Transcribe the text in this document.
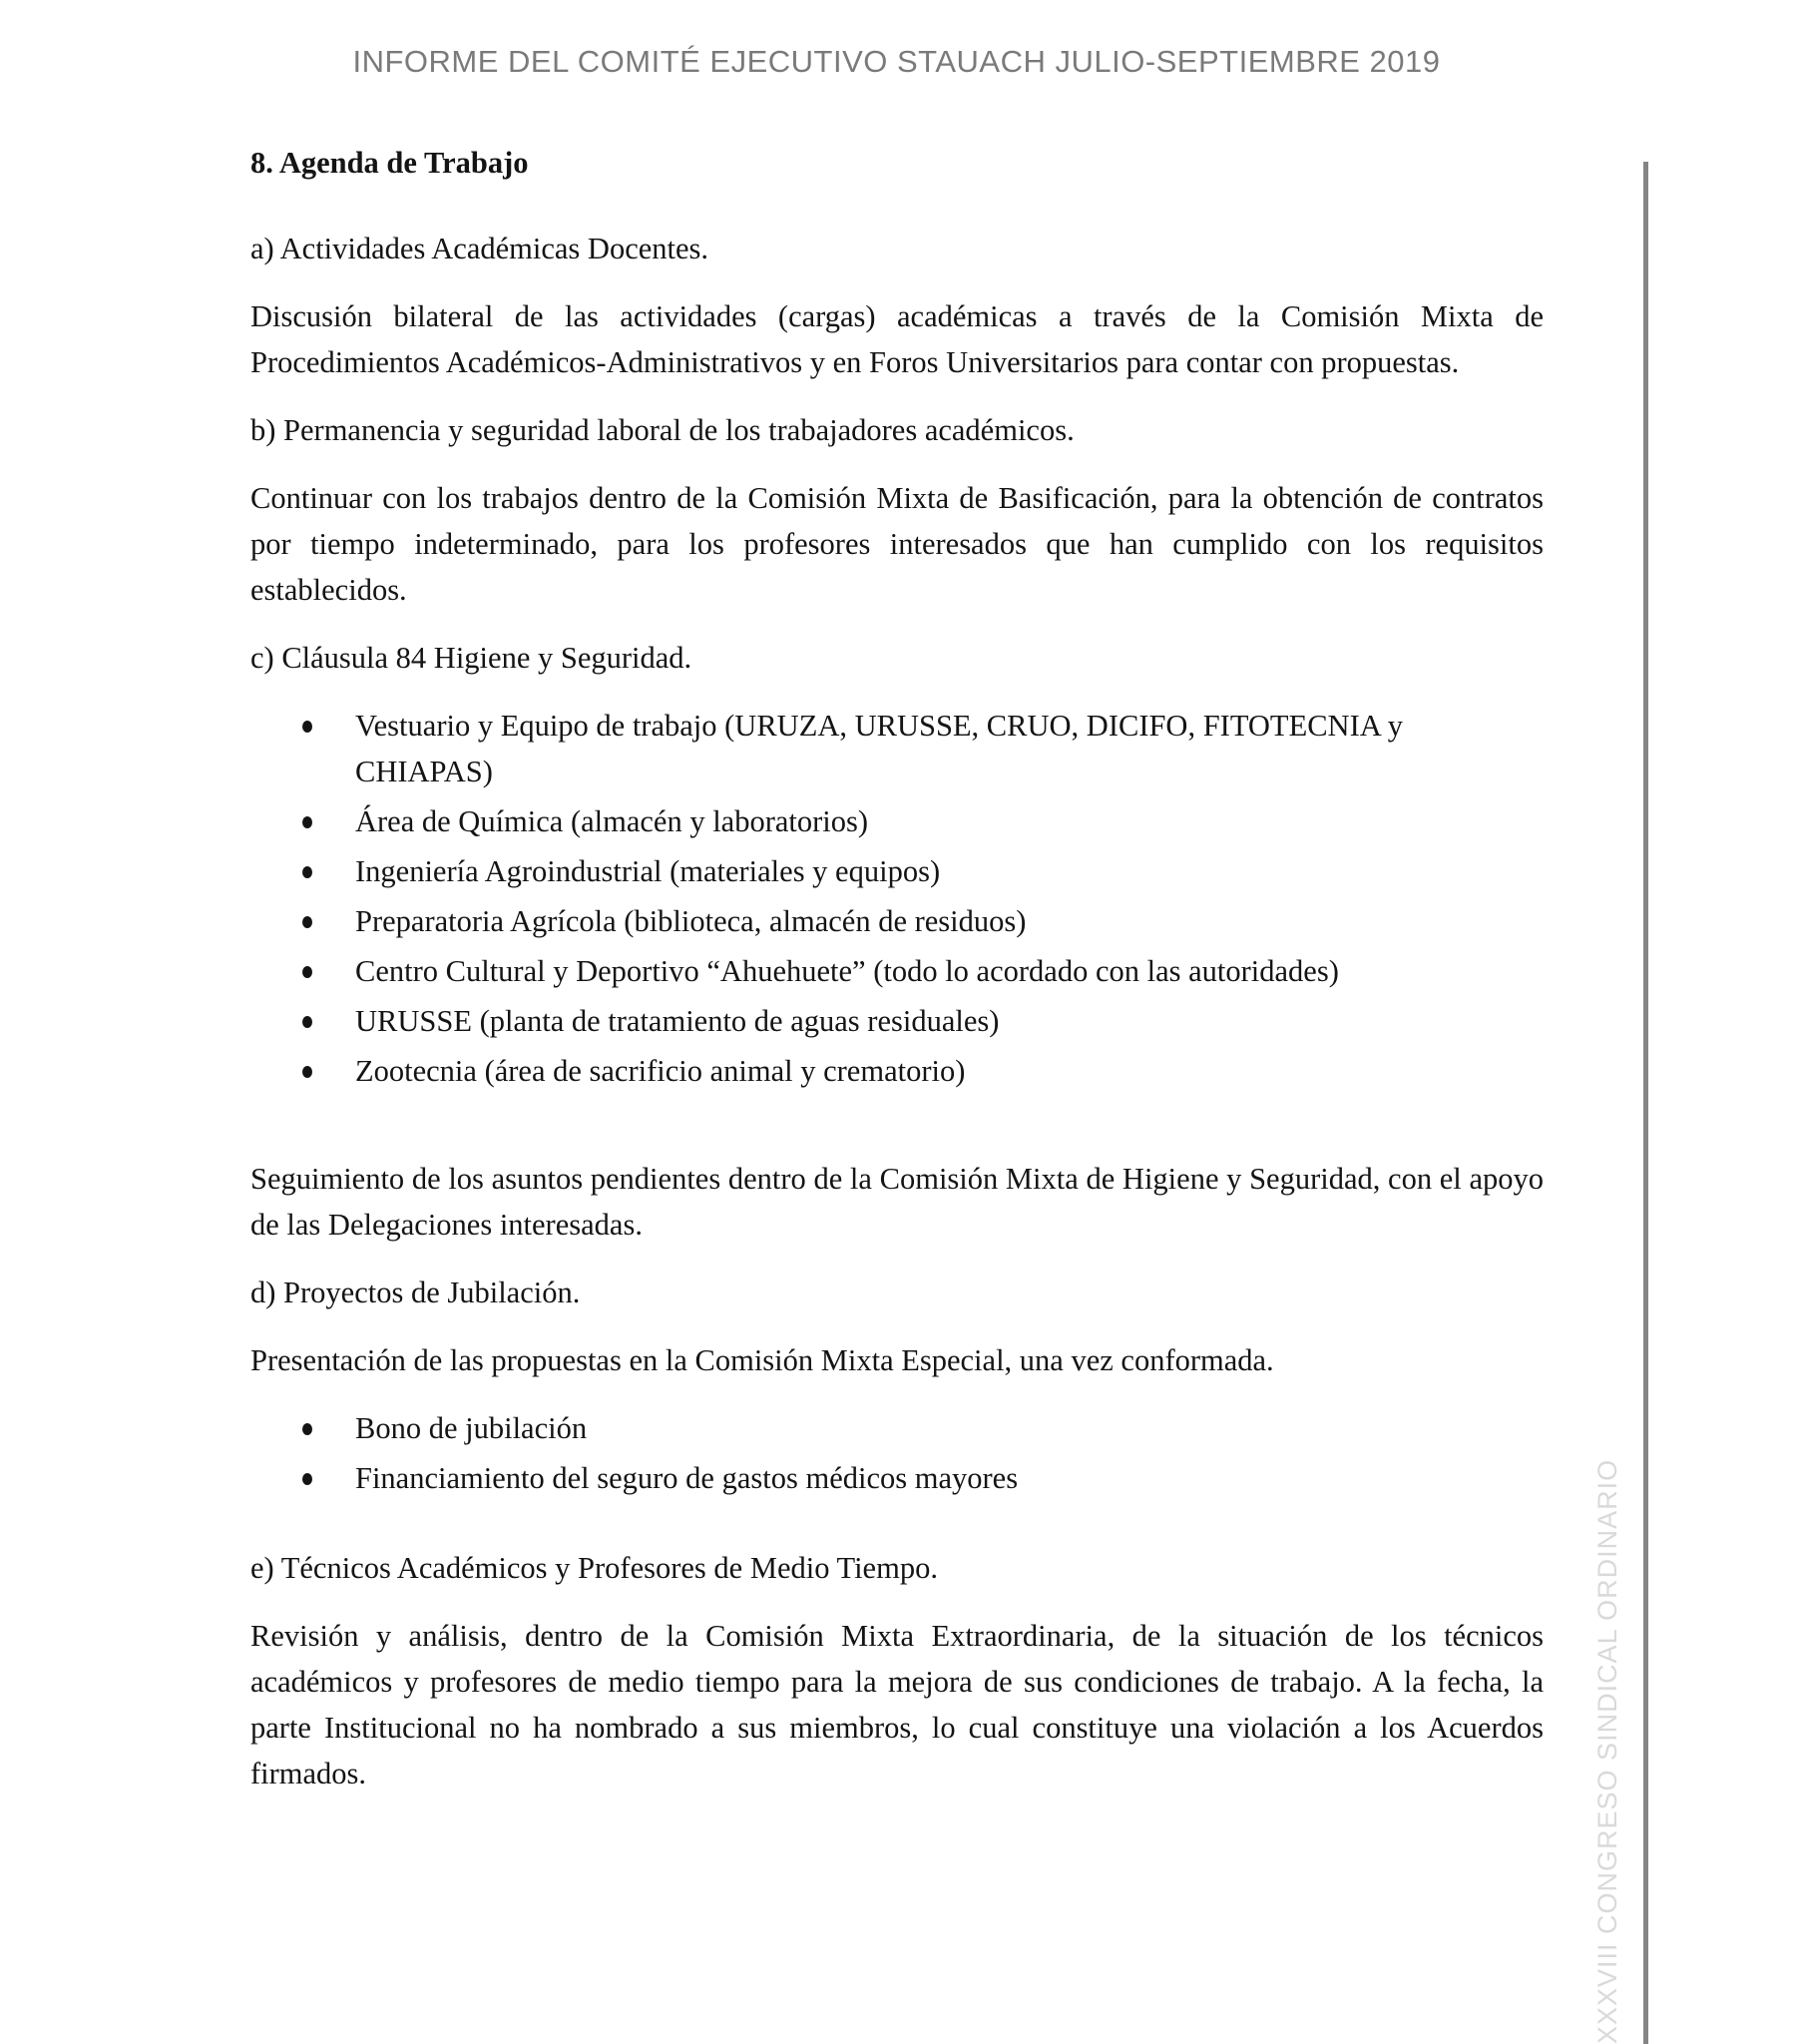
INFORME DEL COMITÉ EJECUTIVO STAUACH JULIO-SEPTIEMBRE 2019
XXXVIII CONGRESO SINDICAL ORDINARIO
8. Agenda de Trabajo
a) Actividades Académicas Docentes.
Discusión bilateral de las actividades (cargas) académicas a través de la Comisión Mixta de Procedimientos Académicos-Administrativos y en Foros Universitarios para contar con propuestas.
b) Permanencia y seguridad laboral de los trabajadores académicos.
Continuar con los trabajos dentro de la Comisión Mixta de Basificación, para la obtención de contratos por tiempo indeterminado, para los profesores interesados que han cumplido con los requisitos establecidos.
c) Cláusula 84 Higiene y Seguridad.
Vestuario y Equipo de trabajo (URUZA, URUSSE, CRUO, DICIFO, FITOTECNIA y CHIAPAS)
Área de Química (almacén y laboratorios)
Ingeniería Agroindustrial (materiales y equipos)
Preparatoria Agrícola (biblioteca, almacén de residuos)
Centro Cultural y Deportivo “Ahuehuete” (todo lo acordado con las autoridades)
URUSSE (planta de tratamiento de aguas residuales)
Zootecnia (área de sacrificio animal y crematorio)
Seguimiento de los asuntos pendientes dentro de la Comisión Mixta de Higiene y Seguridad, con el apoyo de las Delegaciones interesadas.
d) Proyectos de Jubilación.
Presentación de las propuestas en la Comisión Mixta Especial, una vez conformada.
Bono de jubilación
Financiamiento del seguro de gastos médicos mayores
e) Técnicos Académicos y Profesores de Medio Tiempo.
Revisión y análisis, dentro de la Comisión Mixta Extraordinaria, de la situación de los técnicos académicos y profesores de medio tiempo para la mejora de sus condiciones de trabajo. A la fecha, la parte Institucional no ha nombrado a sus miembros, lo cual constituye una violación a los Acuerdos firmados.
